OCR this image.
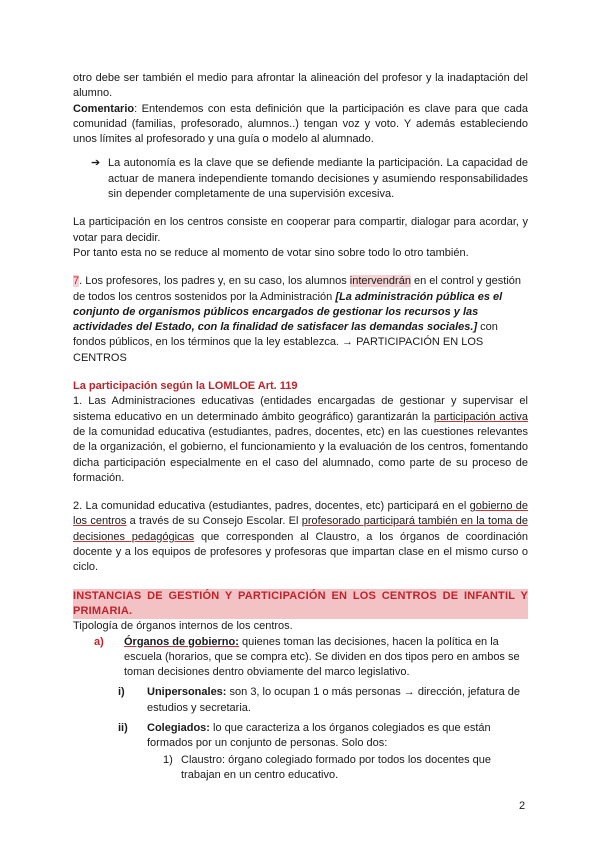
otro debe ser también el medio para afrontar la alineación del profesor y la inadaptación del alumno.

Comentario: Entendemos con esta definición que la participación es clave para que cada comunidad (familias, profesorado, alumnos..) tengan voz y voto. Y además estableciendo unos límites al profesorado y una guía o modelo al alumnado.

➔ La autonomía es la clave que se defiende mediante la participación. La capacidad de actuar de manera independiente tomando decisiones y asumiendo responsabilidades sin depender completamente de una supervisión excesiva.

La participación en los centros consiste en cooperar para compartir, dialogar para acordar, y votar para decidir.

Por tanto esta no se reduce al momento de votar sino sobre todo lo otro también.

7. Los profesores, los padres y, en su caso, los alumnos intervendrán en el control y gestión de todos los centros sostenidos por la Administración [La administración pública es el conjunto de organismos públicos encargados de gestionar los recursos y las actividades del Estado, con la finalidad de satisfacer las demandas sociales.] con fondos públicos, en los términos que la ley establezca. → PARTICIPACIÓN EN LOS CENTROS

La participación según la LOMLOE Art. 119

1. Las Administraciones educativas (entidades encargadas de gestionar y supervisar el sistema educativo en un determinado ámbito geográfico) garantizarán la participación activa de la comunidad educativa (estudiantes, padres, docentes, etc) en las cuestiones relevantes de la organización, el gobierno, el funcionamiento y la evaluación de los centros, fomentando dicha participación especialmente en el caso del alumnado, como parte de su proceso de formación.

2. La comunidad educativa (estudiantes, padres, docentes, etc) participará en el gobierno de los centros a través de su Consejo Escolar. El profesorado participará también en la toma de decisiones pedagógicas que corresponden al Claustro, a los órganos de coordinación docente y a los equipos de profesores y profesoras que impartan clase en el mismo curso o ciclo.

INSTANCIAS DE GESTIÓN Y PARTICIPACIÓN EN LOS CENTROS DE INFANTIL Y PRIMARIA.

Tipología de órganos internos de los centros.

a)	Órganos de gobierno: quienes toman las decisiones, hacen la política en la escuela (horarios, que se compra etc). Se dividen en dos tipos pero en ambos se toman decisiones dentro obviamente del marco legislativo.
i)	Unipersonales: son 3, lo ocupan 1 o más personas → dirección, jefatura de estudios y secretaria.
ii)	Colegiados: lo que caracteriza a los órganos colegiados es que están formados por un conjunto de personas. Solo dos:
1) Claustro: órgano colegiado formado por todos los docentes que trabajan en un centro educativo.
2
